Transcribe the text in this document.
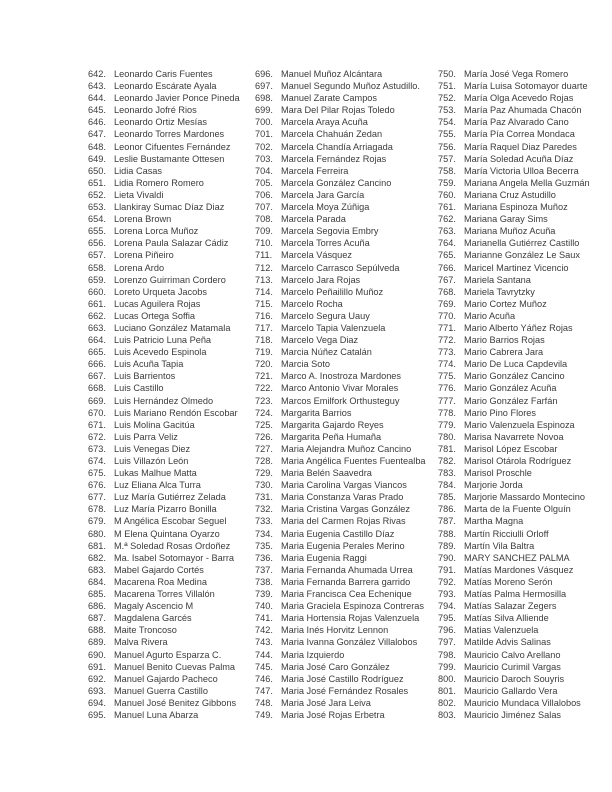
642. Leonardo Caris Fuentes
643. Leonardo Escárate Ayala
644. Leonardo Javier Ponce Pineda
645. Leonardo Jofré Rios
646. Leonardo Ortiz Mesías
647. Leonardo Torres Mardones
648. Leonor Cifuentes Fernández
649. Leslie Bustamante Ottesen
650. Lidia Casas
651. Lidia Romero Romero
652. Lieta Vivaldi
653. Llankiray Sumac Díaz Diaz
654. Lorena Brown
655. Lorena Lorca Muñoz
656. Lorena Paula Salazar Cádiz
657. Lorena Piñeiro
658. Lorena Ardo
659. Lorenzo Guirriman Cordero
660. Loreto Urqueta Jacobs
661. Lucas Aguilera Rojas
662. Lucas Ortega Soffia
663. Luciano González Matamala
664. Luis Patricio Luna Peña
665. Luis Acevedo Espinola
666. Luis Acuña Tapia
667. Luis Barrientos
668. Luis Castillo
669. Luis Hernández Olmedo
670. Luis Mariano Rendón Escobar
671. Luis Molina Gacitúa
672. Luis Parra Veliz
673. Luis Venegas Diez
674. Luis Villazón León
675. Lukas Malhue Matta
676. Luz Eliana Alca Turra
677. Luz María Gutiérrez Zelada
678. Luz María Pizarro Bonilla
679. M Angélica Escobar Seguel
680. M Elena Quintana Oyarzo
681. M.ª Soledad Rosas Ordoñez
682. Ma. Isabel Sotomayor - Barra
683. Mabel Gajardo Cortés
684. Macarena Roa Medina
685. Macarena Torres Villalón
686. Magaly Ascencio M
687. Magdalena Garcés
688. Maite Troncoso
689. Malva Rivera
690. Manuel Agurto Esparza C.
691. Manuel Benito Cuevas Palma
692. Manuel Gajardo Pacheco
693. Manuel Guerra Castillo
694. Manuel José Benitez Gibbons
695. Manuel Luna Abarza
696. Manuel Muñoz Alcántara
697. Manuel Segundo Muñoz Astudillo.
698. Manuel Zarate Campos
699. Mara Del Pilar Rojas Toledo
700. Marcela Araya Acuña
701. Marcela Chahuán Zedan
702. Marcela Chandía Arriagada
703. Marcela Fernández Rojas
704. Marcela Ferreira
705. Marcela González Cancino
706. Marcela Jara García
707. Marcela Moya Zúñiga
708. Marcela Parada
709. Marcela Segovia Embry
710. Marcela Torres Acuña
711. Marcela Vásquez
712. Marcelo Carrasco Sepúlveda
713. Marcelo Jara Rojas
714. Marcelo Peñailillo Muñoz
715. Marcelo Rocha
716. Marcelo Segura Uauy
717. Marcelo Tapia Valenzuela
718. Marcelo Vega Diaz
719. Marcia Núñez Catalán
720. Marcia Soto
721. Marco A. Inostroza Mardones
722. Marco Antonio Vivar Morales
723. Marcos Emilfork Orthusteguy
724. Margarita Barrios
725. Margarita Gajardo Reyes
726. Margarita Peña Humaña
727. Maria Alejandra Muñoz Cancino
728. Maria Angélica Fuentes Fuentealba
729. Maria Belén Saavedra
730. Maria Carolina Vargas Viancos
731. Maria Constanza Varas Prado
732. Maria Cristina Vargas González
733. Maria del Carmen Rojas Rivas
734. Maria Eugenia Castillo Díaz
735. Maria Eugenia Perales Merino
736. Maria Eugenia Raggi
737. Maria Fernanda Ahumada Urrea
738. Maria Fernanda Barrera garrido
739. Maria Francisca Cea Echenique
740. Maria Graciela Espinoza Contreras
741. Maria Hortensia Rojas Valenzuela
742. Maria Inés Horvitz Lennon
743. Maria Ivanna González Villalobos
744. Maria Izquierdo
745. Maria José Caro González
746. Maria José Castillo Rodríguez
747. Maria José Fernández Rosales
748. Maria José Jara Leiva
749. Maria José Rojas Erbetra
750. María José Vega Romero
751. María Luisa Sotomayor duarte
752. María Olga Acevedo Rojas
753. María Paz Ahumada Chacón
754. María Paz Alvarado Cano
755. María Pía Correa Mondaca
756. María Raquel Diaz Paredes
757. María Soledad Acuña Díaz
758. María Victoria Ulloa Becerra
759. Mariana Angela Mella Guzmán
760. Mariana Cruz Astudillo
761. Mariana Espinoza Muñoz
762. Mariana Garay Sims
763. Mariana Muñoz Acuña
764. Marianella Gutiérrez Castillo
765. Marianne González Le Saux
766. Maricel Martinez Vicencio
767. Mariela Santana
768. Mariela Tavrytzky
769. Mario Cortez Muñoz
770. Mario Acuña
771. Mario Alberto Yáñez Rojas
772. Mario Barrios Rojas
773. Mario Cabrera Jara
774. Mario De Luca Capdevila
775. Mario González Cancino
776. Mario González Acuña
777. Mario González Farfán
778. Mario Pino Flores
779. Mario Valenzuela Espinoza
780. Marisa Navarrete Novoa
781. Marisol López Escobar
782. Marisol Otárola Rodríguez
783. Marisol Proschle
784. Marjorie Jorda
785. Marjorie Massardo Montecino
786. Marta de la Fuente Olguín
787. Martha Magna
788. Martín Ricciulli Orloff
789. Martín Vila Baltra
790. MARY SANCHEZ PALMA
791. Matías Mardones Vásquez
792. Matías Moreno Serón
793. Matías Palma Hermosilla
794. Matías Salazar Zegers
795. Matías Silva Alliende
796. Matias Valenzuela
797. Matilde Advis Salinas
798. Mauricio Calvo Arellano
799. Mauricio Curimil Vargas
800. Mauricio Daroch Souyris
801. Mauricio Gallardo Vera
802. Mauricio Mundaca Villalobos
803. Mauricio Jiménez Salas
